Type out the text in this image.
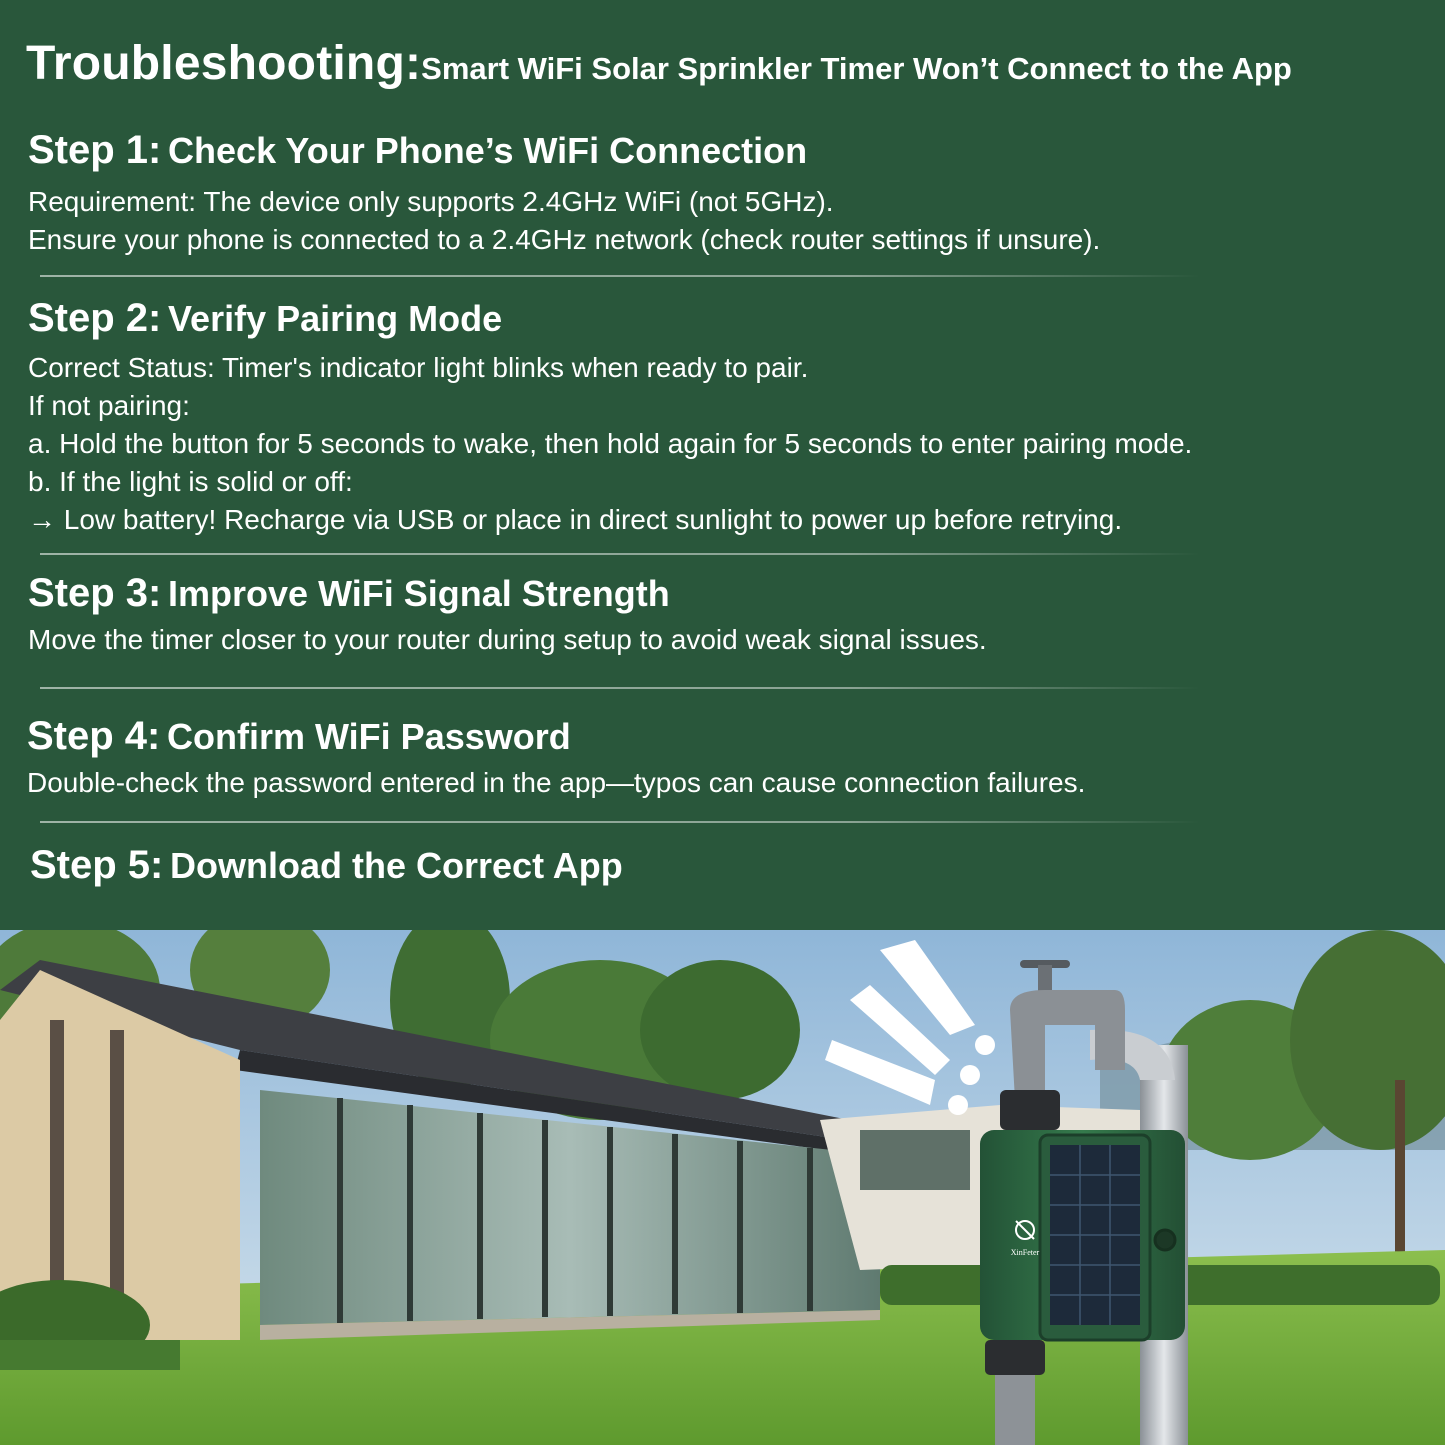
Troubleshooting:Smart WiFi Solar Sprinkler Timer Won’t Connect to the App
Step 1: Check Your Phone’s WiFi Connection

Requirement: The device only supports 2.4GHz WiFi (not 5GHz).

Ensure your phone is connected to a 2.4GHz network (check router settings if unsure).

Step 2: Verify Pairing Mode

Correct Status: Timer's indicator light blinks when ready to pair.

If not pairing:

a. Hold the button for 5 seconds to wake, then hold again for 5 seconds to enter pairing mode.

b. If the light is solid or off:

→ Low battery! Recharge via USB or place in direct sunlight to power up before retrying.

Step 3: Improve WiFi Signal Strength

Move the timer closer to your router during setup to avoid weak signal issues.

Step 4: Confirm WiFi Password

Double-check the password entered in the app—typos can cause connection failures.

Step 5: Download the Correct App
XinFeter
